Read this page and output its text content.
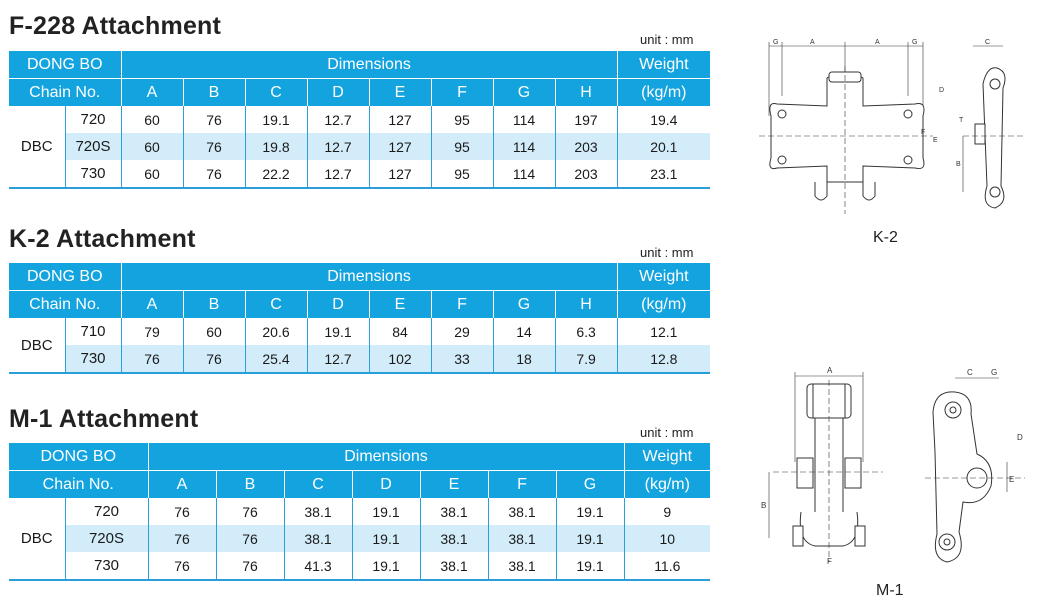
F-228 Attachment	unit : mm
DONG BO		Dimensions								Weight
Chain No.		A	B	C	D	E	F	G	H	(kg/m)
DBC	720	60	76	19.1	12.7	127	95	114	197	19.4
	720S	60	76	19.8	12.7	127	95	114	203	20.1
	730	60	76	22.2	12.7	127	95	114	203	23.1
K-2 Attachment	unit : mm
DONG BO		Dimensions								Weight
Chain No.		A	B	C	D	E	F	G	H	(kg/m)
DBC	710	79	60	20.6	19.1	84	29	14	6.3	12.1
	730	76	76	25.4	12.7	102	33	18	7.9	12.8
M-1 Attachment	unit : mm
DONG BO		Dimensions							Weight
Chain No.		A	B	C	D	E	F	G	(kg/m)
DBC	720	76	76	38.1	19.1	38.1	38.1	19.1	9
	720S	76	76	38.1	19.1	38.1	38.1	19.1	10
	730	76	76	41.3	19.1	38.1	38.1	19.1	11.6
G	A	A	G	C
T
D
F
E
B
K-2
A
B
F
C G
D
E
M-1
